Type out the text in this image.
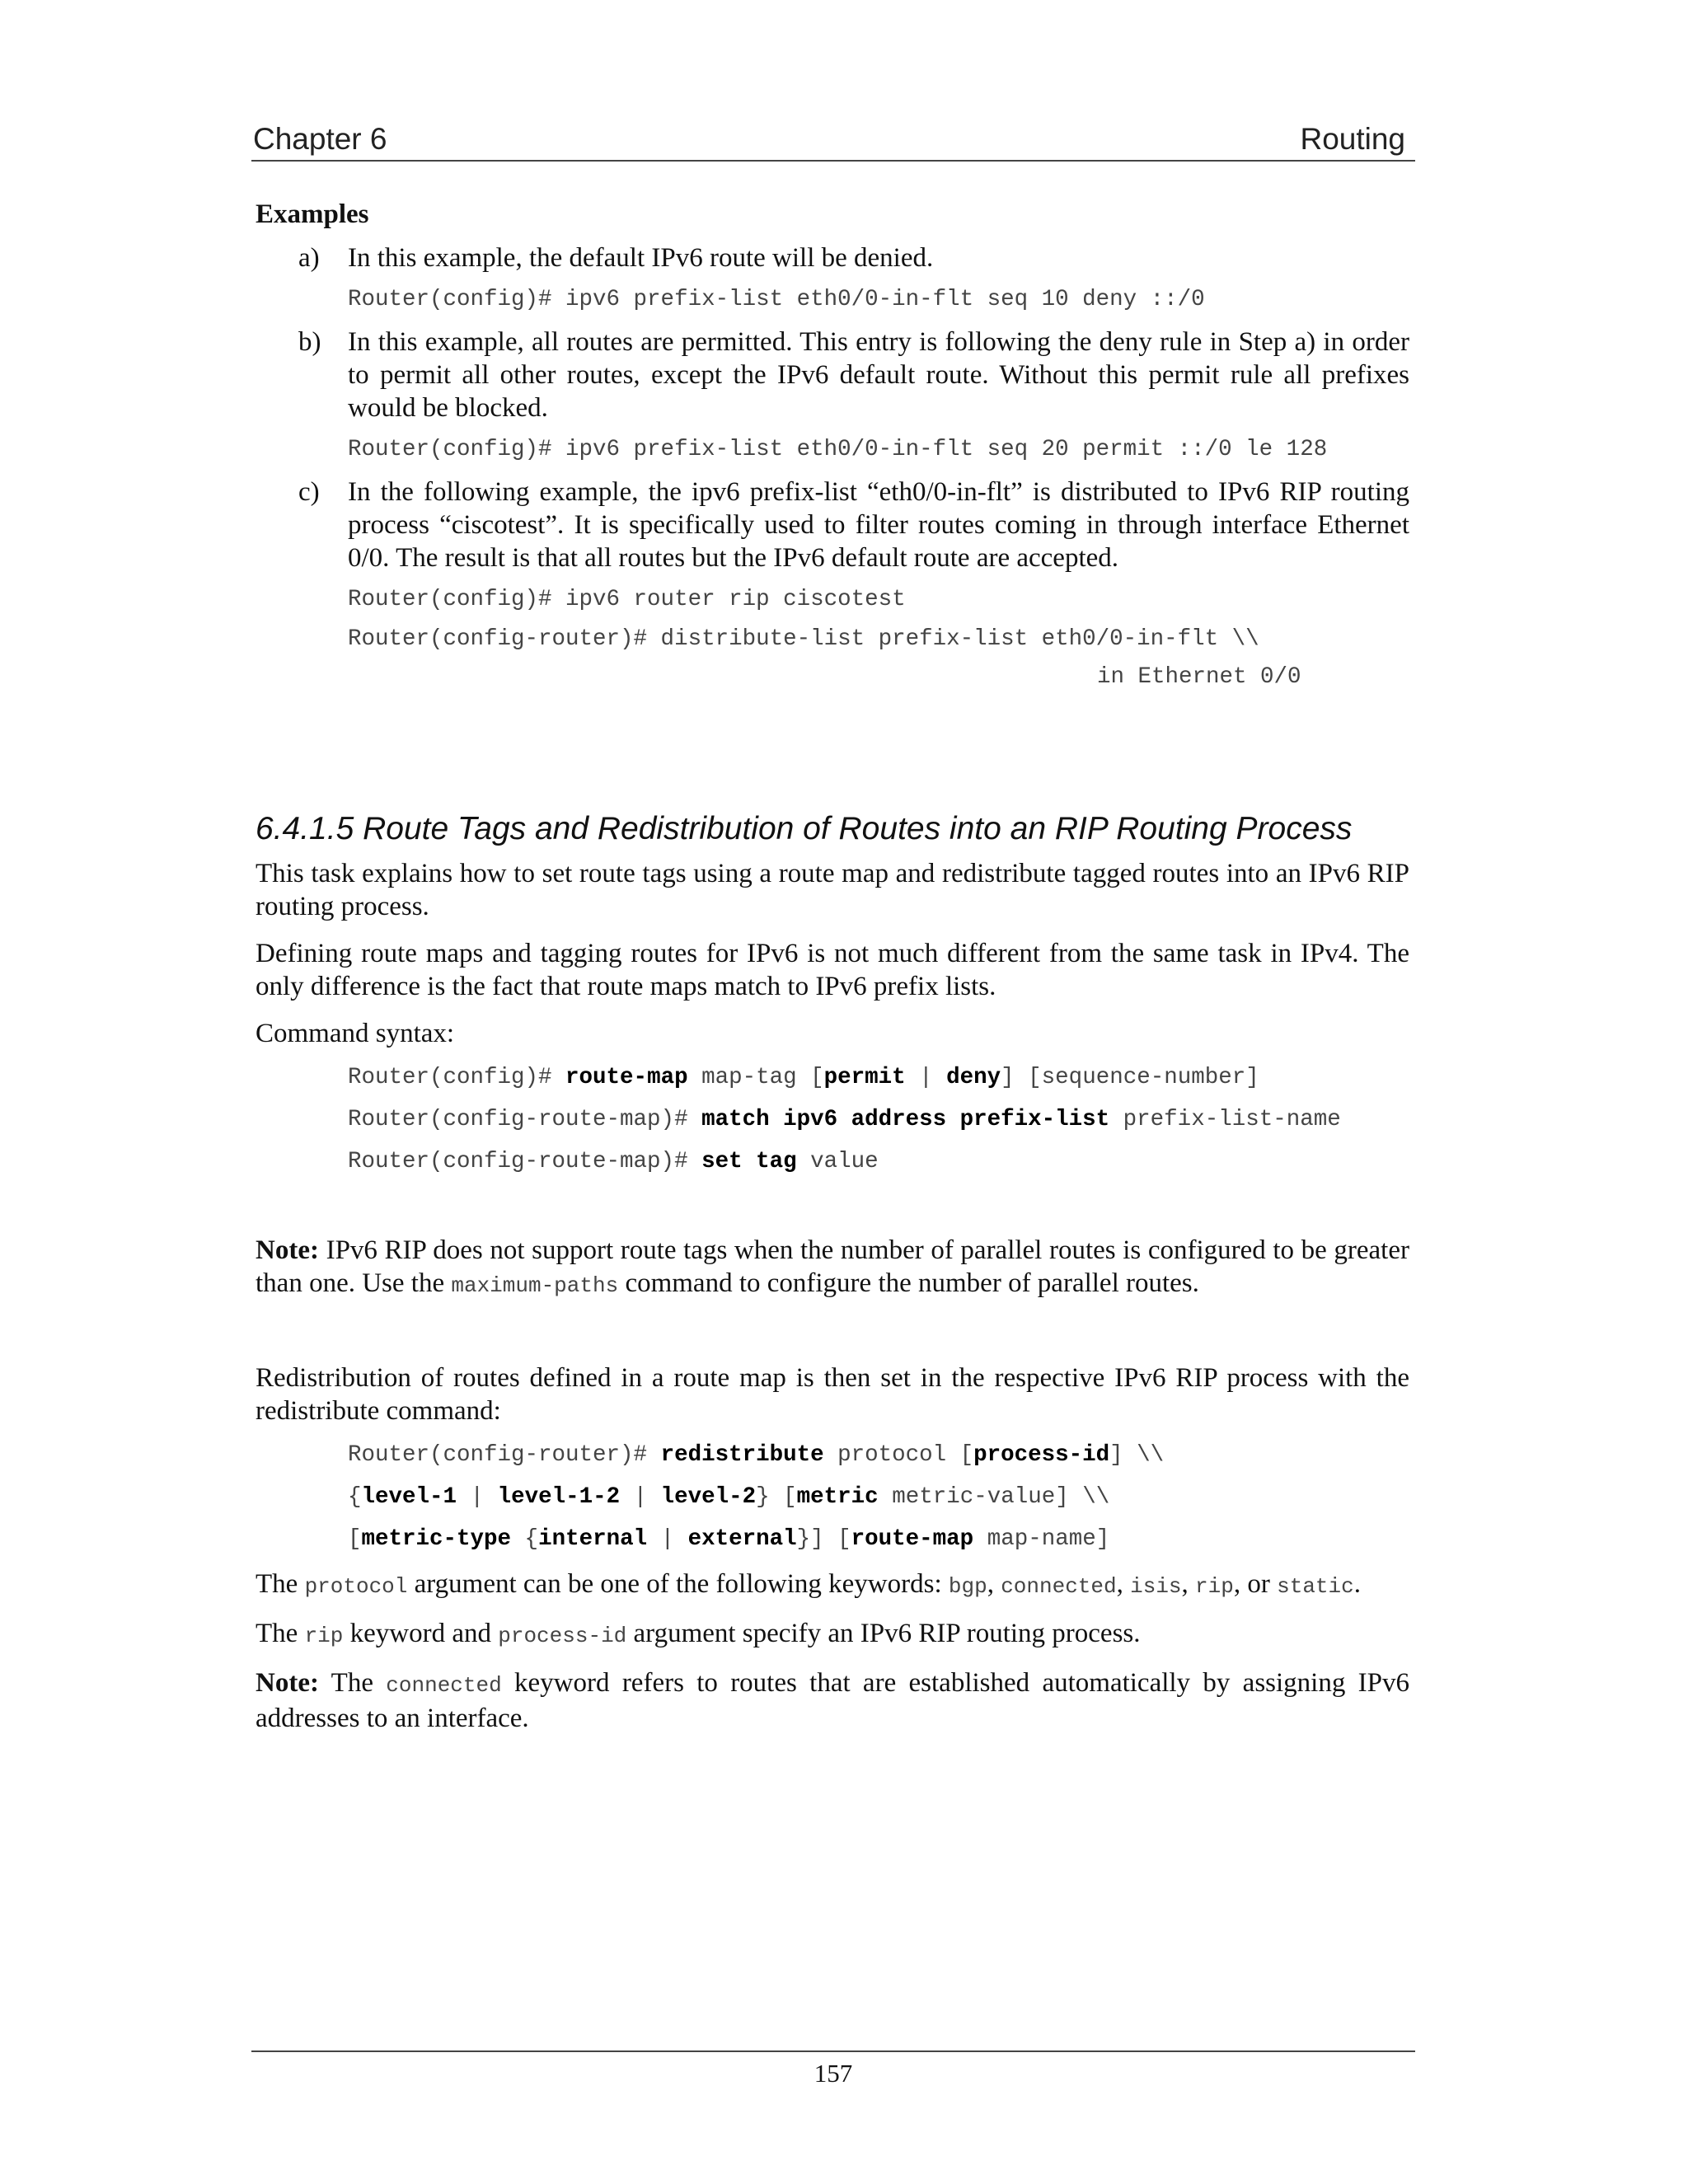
Chapter 6	Routing
Examples
a) In this example, the default IPv6 route will be denied.

Router(config)# ipv6 prefix-list eth0/0-in-flt seq 10 deny ::/0
b) In this example, all routes are permitted. This entry is following the deny rule in Step a) in order to permit all other routes, except the IPv6 default route. Without this permit rule all prefixes would be blocked.

Router(config)# ipv6 prefix-list eth0/0-in-flt seq 20 permit ::/0 le 128
c) In the following example, the ipv6 prefix-list “eth0/0-in-flt” is distributed to IPv6 RIP routing process “ciscotest”. It is specifically used to filter routes coming in through interface Ethernet 0/0. The result is that all routes but the IPv6 default route are accepted.

Router(config)# ipv6 router rip ciscotest
Router(config-router)# distribute-list prefix-list eth0/0-in-flt \\
in Ethernet 0/0
6.4.1.5 Route Tags and Redistribution of Routes into an RIP Routing Process

This task explains how to set route tags using a route map and redistribute tagged routes into an IPv6 RIP routing process.

Defining route maps and tagging routes for IPv6 is not much different from the same task in IPv4. The only difference is the fact that route maps match to IPv6 prefix lists.

Command syntax:

Router(config)# route-map map-tag [permit | deny] [sequence-number]
Router(config-route-map)# match ipv6 address prefix-list prefix-list-name
Router(config-route-map)# set tag value

Note: IPv6 RIP does not support route tags when the number of parallel routes is configured to be greater than one. Use the maximum-paths command to configure the number of parallel routes.

Redistribution of routes defined in a route map is then set in the respective IPv6 RIP process with the redistribute command:

Router(config-router)# redistribute protocol [process-id] \\
{level-1 | level-1-2 | level-2} [metric metric-value] \\
[metric-type {internal | external}] [route-map map-name]

The protocol argument can be one of the following keywords: bgp, connected, isis, rip, or static.

The rip keyword and process-id argument specify an IPv6 RIP routing process.

Note: The connected keyword refers to routes that are established automatically by assigning IPv6 addresses to an interface.

157
